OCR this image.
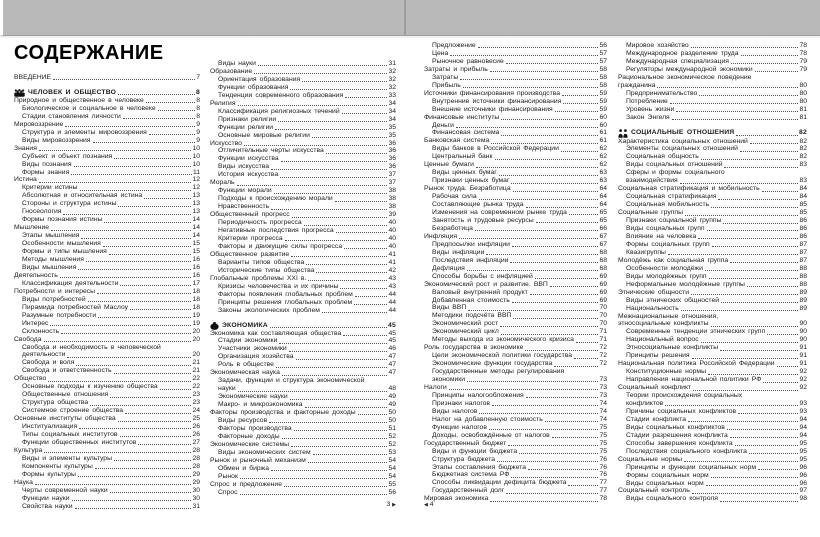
СОДЕРЖАНИЕ
ВВЕДЕНИЕ	7
ЧЕЛОВЕК И ОБЩЕСТВО	8
Природное и общественное в человеке	8
Биологическое и социальное в человеке	8
Стадии становления личности	8
Мировоззрение	9
Структура и элементы мировоззрения	9
Виды мировоззрения	9
Знания	10
Субъект и объект познания	10
Виды познания	10
Формы знания	11
Истина	12
Критерии истины	12
Абсолютная и относительная истина	13
Стороны и структура истины	13
Гносеология	13
Формы познания истины	14
Мышление	14
Этапы мышления	14
Особенности мышления	15
Формы и типы мышления	15
Методы мышления	16
Виды мышления	16
Деятельность	16
Классификация деятельности	17
Потребности и интересы	18
Виды потребностей	18
Пирамида потребностей Маслоу	18
Разумные потребности	19
Интерес	19
Склонность	20
Свобода	20
Свобода и необходимость в человеческой
деятельности	20
Свобода и воля	21
Свобода и ответственность	21
Общество	22
Основные подходы к изучению общества	22
Общественные отношения	23
Структура общества	23
Системное строение общества	24
Основные институты общества	25
Институализация	26
Типы социальных институтов	26
Функции общественных институтов	27
Культура	28
Виды и элементы культуры	28
Компоненты культуры	28
Формы культуры	29
Наука	29
Черты современной науки	30
Функции науки	30
Свойства науки	31
Виды науки	31
Образование	32
Ориентация образования	32
Функции образования	32
Тенденции современного образования	33
Религия	34
Классификация религиозных течений	34
Признаки религии	34
Функции религии	35
Основные мировые религии	35
Искусство	36
Отличительные черты искусства	36
Функции искусства	36
Виды искусства	36
История искусства	37
Мораль	37
Функции морали	38
Подходы к происхождению морали	38
Нравственность	38
Общественный прогресс	39
Периодичность прогресса	40
Негативные последствия прогресса	40
Критерии прогресса	40
Факторы и движущие силы прогресса	40
Общественное развитие	41
Варианты типов общества	41
Исторические типы общества	42
Глобальные проблемы XXI в.	43
Кризисы человечества и их причины	43
Факторы появления глобальных проблем	44
Принципы решения глобальных проблем	44
Законы экологических проблем	44
ЭКОНОМИКА	45
Экономика как составляющая общества	45
Стадии экономики	45
Участники экономики	46
Организация хозяйства	47
Роль в обществе	47
Экономическая наука	47
Задачи, функции и структура экономической
науки	48
Экономические науки	49
Макро- и микроэкономика	49
Факторы производства и факторные доходы	50
Виды ресурсов	50
Факторы производства	51
Факторные доходы	52
Экономические системы	52
Виды экономических систем	53
Рынок и рыночный механизм	54
Обмен и биржа	54
Рынок	54
Спрос и предложение	55
Спрос	56
3 ▶
Предложение	56
Цена	57
Рыночное равновесие	57
Затраты и прибыль	58
Затраты	58
Прибыль	58
Источники финансирования производства	59
Внутренние источники финансирования	59
Внешние источники финансирования	59
Финансовые институты	60
Деньги	60
Финансовая система	61
Банковская система	61
Виды банков в Российской Федерации	62
Центральный банк	62
Ценные бумаги	62
Виды ценных бумаг	63
Признаки ценных бумаг	63
Рынок труда. Безработица	64
Рабочая сила	64
Составляющие рынка труда	64
Изменения на современном рынке труда	65
Занятость и трудовые ресурсы	65
Безработица	66
Инфляция	67
Предпосылки инфляции	67
Виды инфляции	68
Последствия инфляции	68
Дефляция	68
Способы борьбы с инфляцией	69
Экономический рост и развитие. ВВП	69
Валовый внутренний продукт	69
Добавленная стоимость	69
Виды ВВП	70
Методики подсчёта ВВП	70
Экономический рост	70
Экономический цикл	71
Методы выхода из экономического кризиса	71
Роль государства в экономике	72
Цели экономической политики государства	72
Экономические функции государства	72
Государственные методы регулирования
экономики	73
Налоги	73
Принципы налогообложения	73
Признаки налогов	74
Виды налогов	74
Налог на добавленную стоимость	74
Функции налогов	75
Доходы, освобождённые от налогов	75
Государственный бюджет	75
Виды и функции бюджета	75
Структура бюджета	76
Этапы составления бюджета	76
Бюджетная система РФ	76
Способы ликвидации дефицита бюджета	77
Государственный долг	77
Мировая экономика	78
Мировое хозяйство	78
Международное разделение труда	78
Международная специализация	79
Регуляторы международной экономики	79
Рациональное экономическое поведение
гражданина	80
Предпринимательство	80
Потребление	80
Уровень жизни	81
Закон Энгеля	81
СОЦИАЛЬНЫЕ ОТНОШЕНИЯ	82
Характеристика социальных отношений	82
Элементы социальных отношений	82
Социальная общность	82
Виды социальных отношений	83
Сферы и формы социального
взаимодействия	83
Социальная стратификация и мобильность	84
Социальная стратификация	84
Социальная мобильность	85
Социальные группы	85
Признаки социальной группы	86
Виды социальных групп	86
Влияние на человека	86
Формы социальных групп	87
Квазигруппы	87
Молодёжь как социальная группа	87
Особенности молодёжи	88
Виды молодёжных групп	88
Неформальные молодёжные группы	88
Этнические общности	89
Виды этнических общностей	89
Национальность	89
Межнациональные отношения,
этносоциальные конфликты	90
Современные тенденции этнических групп	90
Национальный вопрос	90
Этносоциальные конфликты	91
Принципы решения	91
Национальная политика Российской Федерации	91
Конституционные нормы	92
Направления национальной политики РФ	92
Социальный конфликт	92
Теории происхождения социальных
конфликтов	93
Причины социальных конфликтов	93
Стадии конфликта	94
Виды социальных конфликтов	94
Стадии разрешения конфликта	94
Способы завершения конфликта	95
Последствия социального конфликта	95
Социальные нормы	95
Принципы и функции социальных норм	96
Формы социальных норм	96
Виды социальных норм	96
Социальный контроль	97
Виды социального контроля	98
◀ 4
